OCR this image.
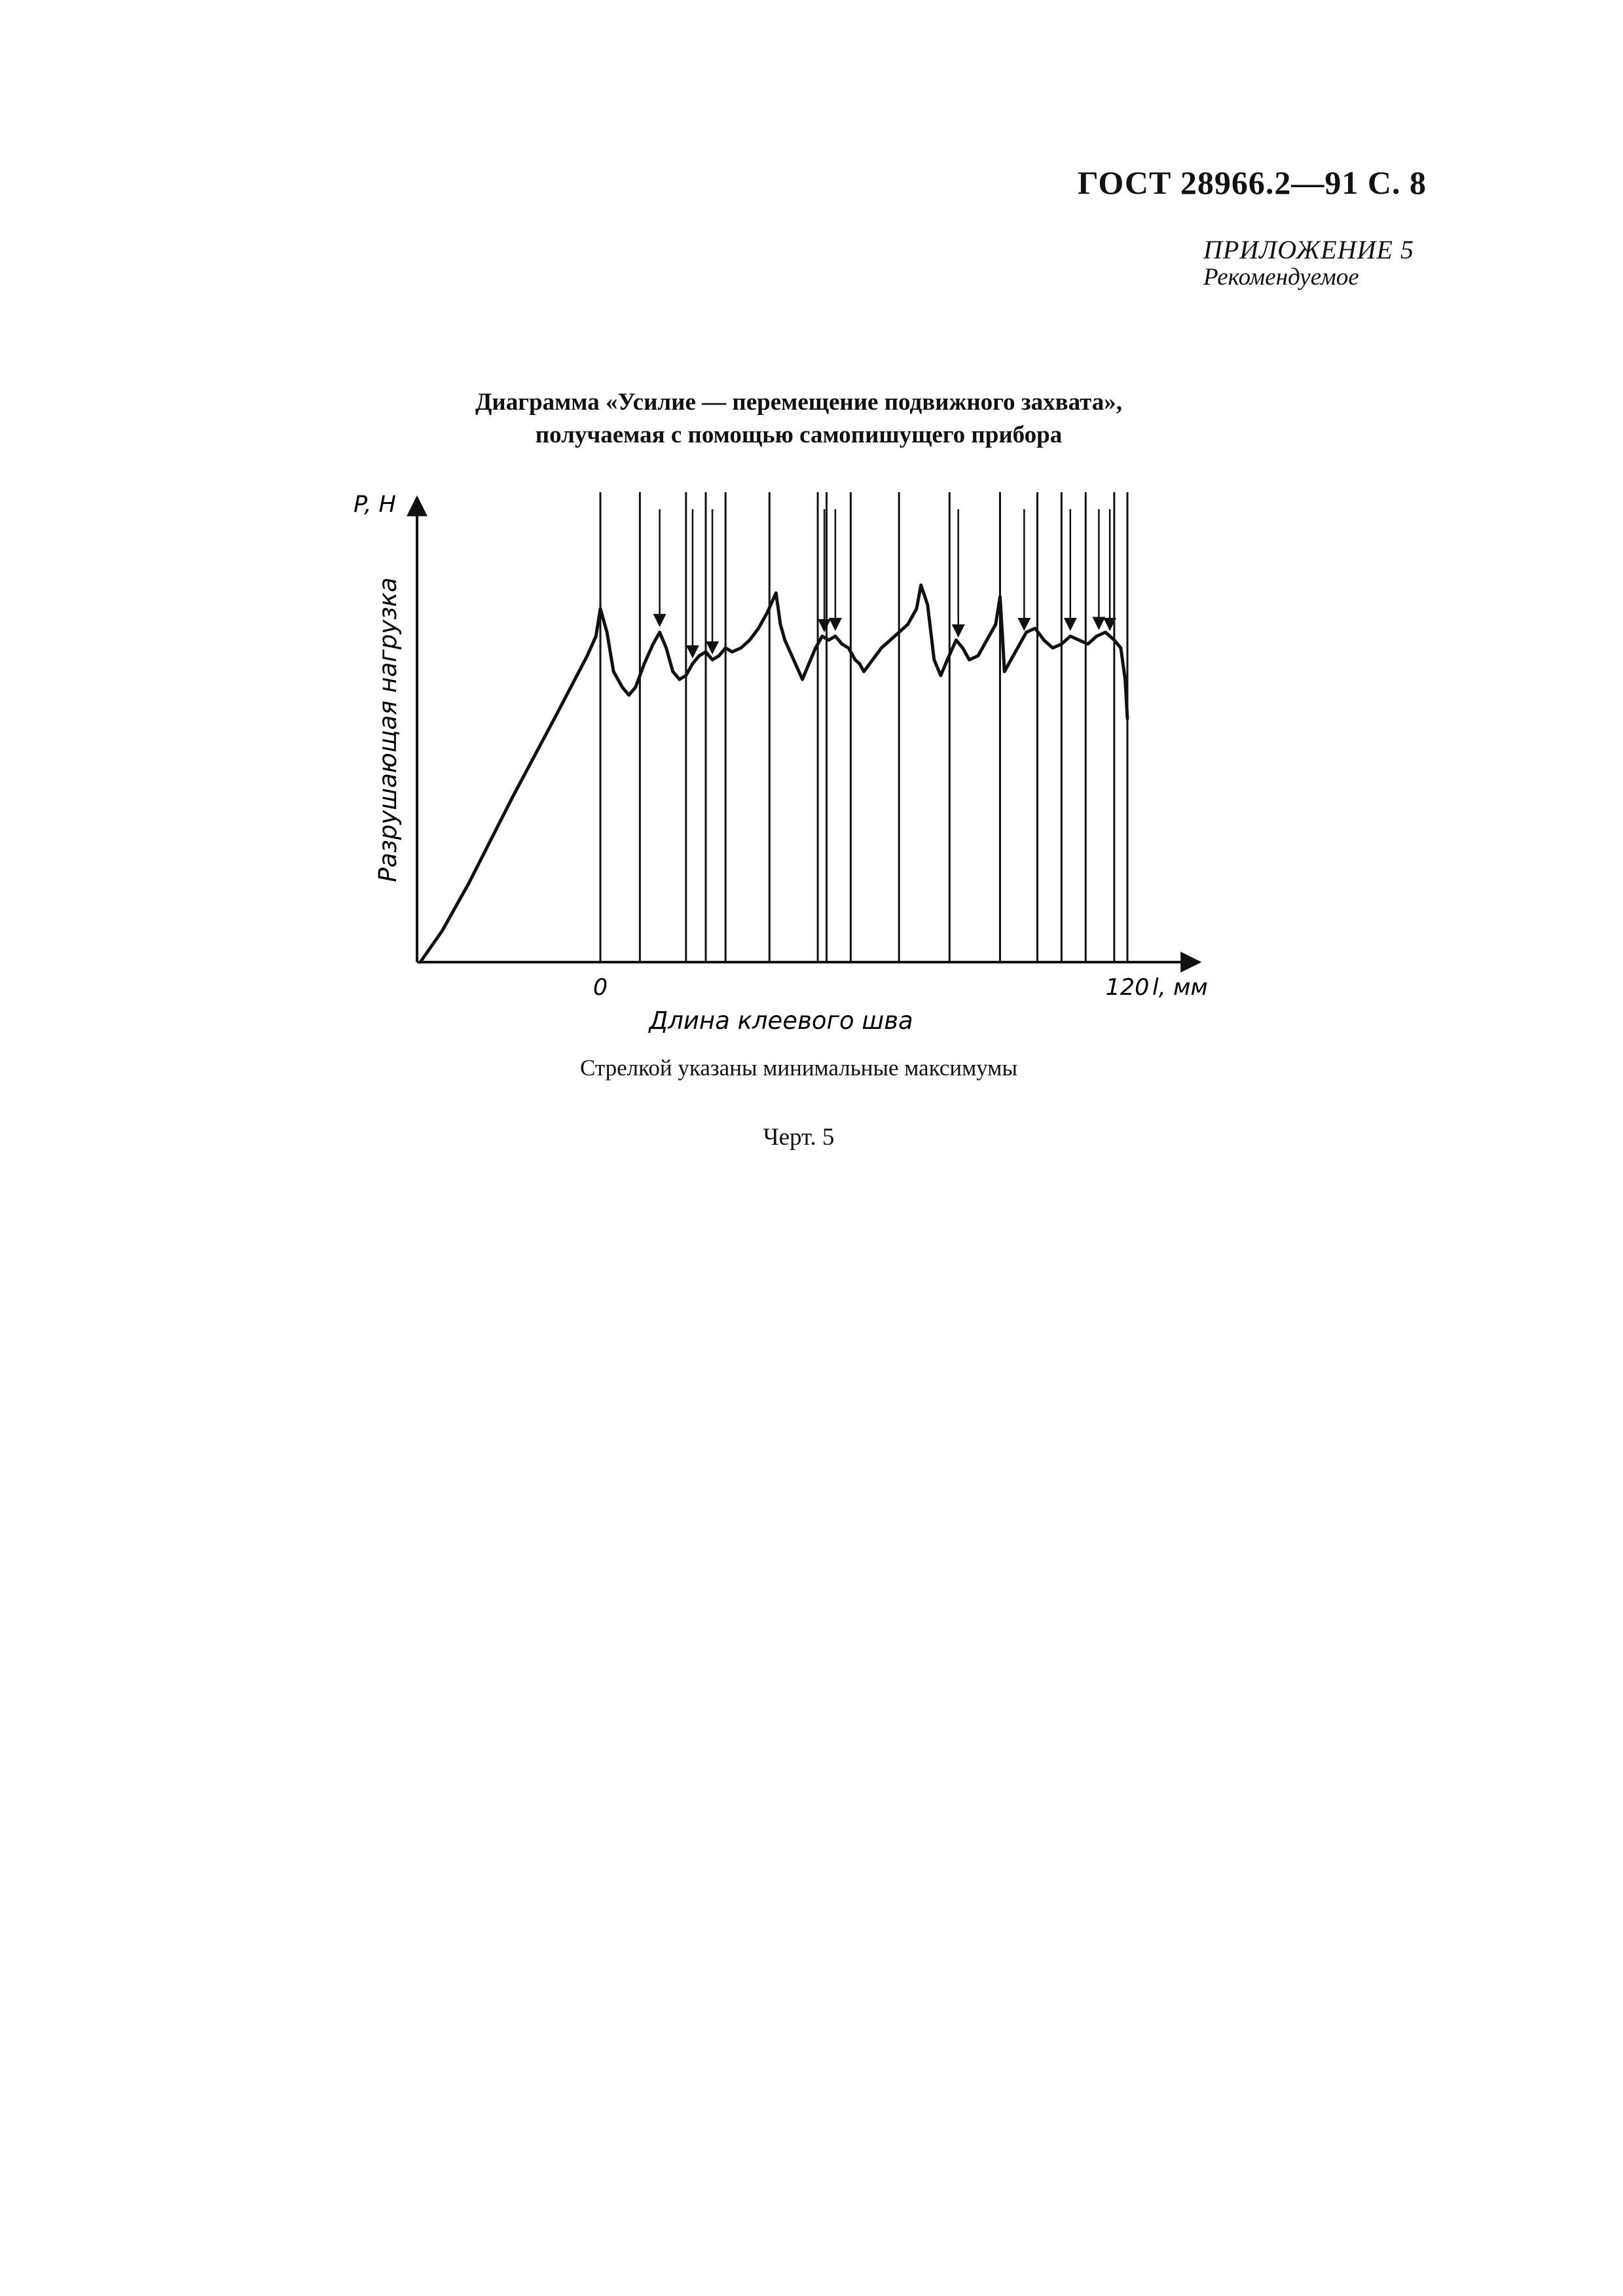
ГОСТ 28966.2—91 С. 8
ПРИЛОЖЕНИЕ 5
Рекомендуемое
Диаграмма «Усилие — перемещение подвижного захвата»,
получаемая с помощью самопишущего прибора
P, H
Разрушающая нагрузка
0	120 l, мм
Длина клеевого шва
Стрелкой указаны минимальные максимумы
Черт. 5
